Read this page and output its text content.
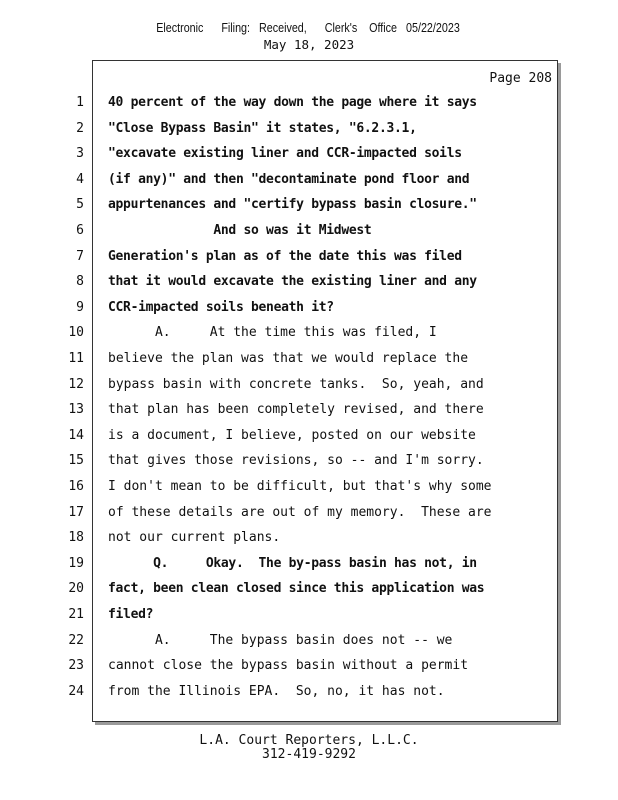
Electronic      Filing:   Received,      Clerk's    Office   05/22/2023
May 18, 2023
Page 208
1 40 percent of the way down the page where it says
2 "Close Bypass Basin" it states, "6.2.3.1,
3 "excavate existing liner and CCR-impacted soils
4 (if any)" and then "decontaminate pond floor and
5 appurtenances and "certify bypass basin closure."
6 And so was it Midwest
7 Generation's plan as of the date this was filed
8 that it would excavate the existing liner and any
9 CCR-impacted soils beneath it?
10 A.     At the time this was filed, I
11 believe the plan was that we would replace the
12 bypass basin with concrete tanks.  So, yeah, and
13 that plan has been completely revised, and there
14 is a document, I believe, posted on our website
15 that gives those revisions, so -- and I'm sorry.
16 I don't mean to be difficult, but that's why some
17 of these details are out of my memory.  These are
18 not our current plans.
19 Q.     Okay.  The by-pass basin has not, in
20 fact, been clean closed since this application was
21 filed?
22 A.     The bypass basin does not -- we
23 cannot close the bypass basin without a permit
24 from the Illinois EPA.  So, no, it has not.
L.A. Court Reporters, L.L.C.
312-419-9292
